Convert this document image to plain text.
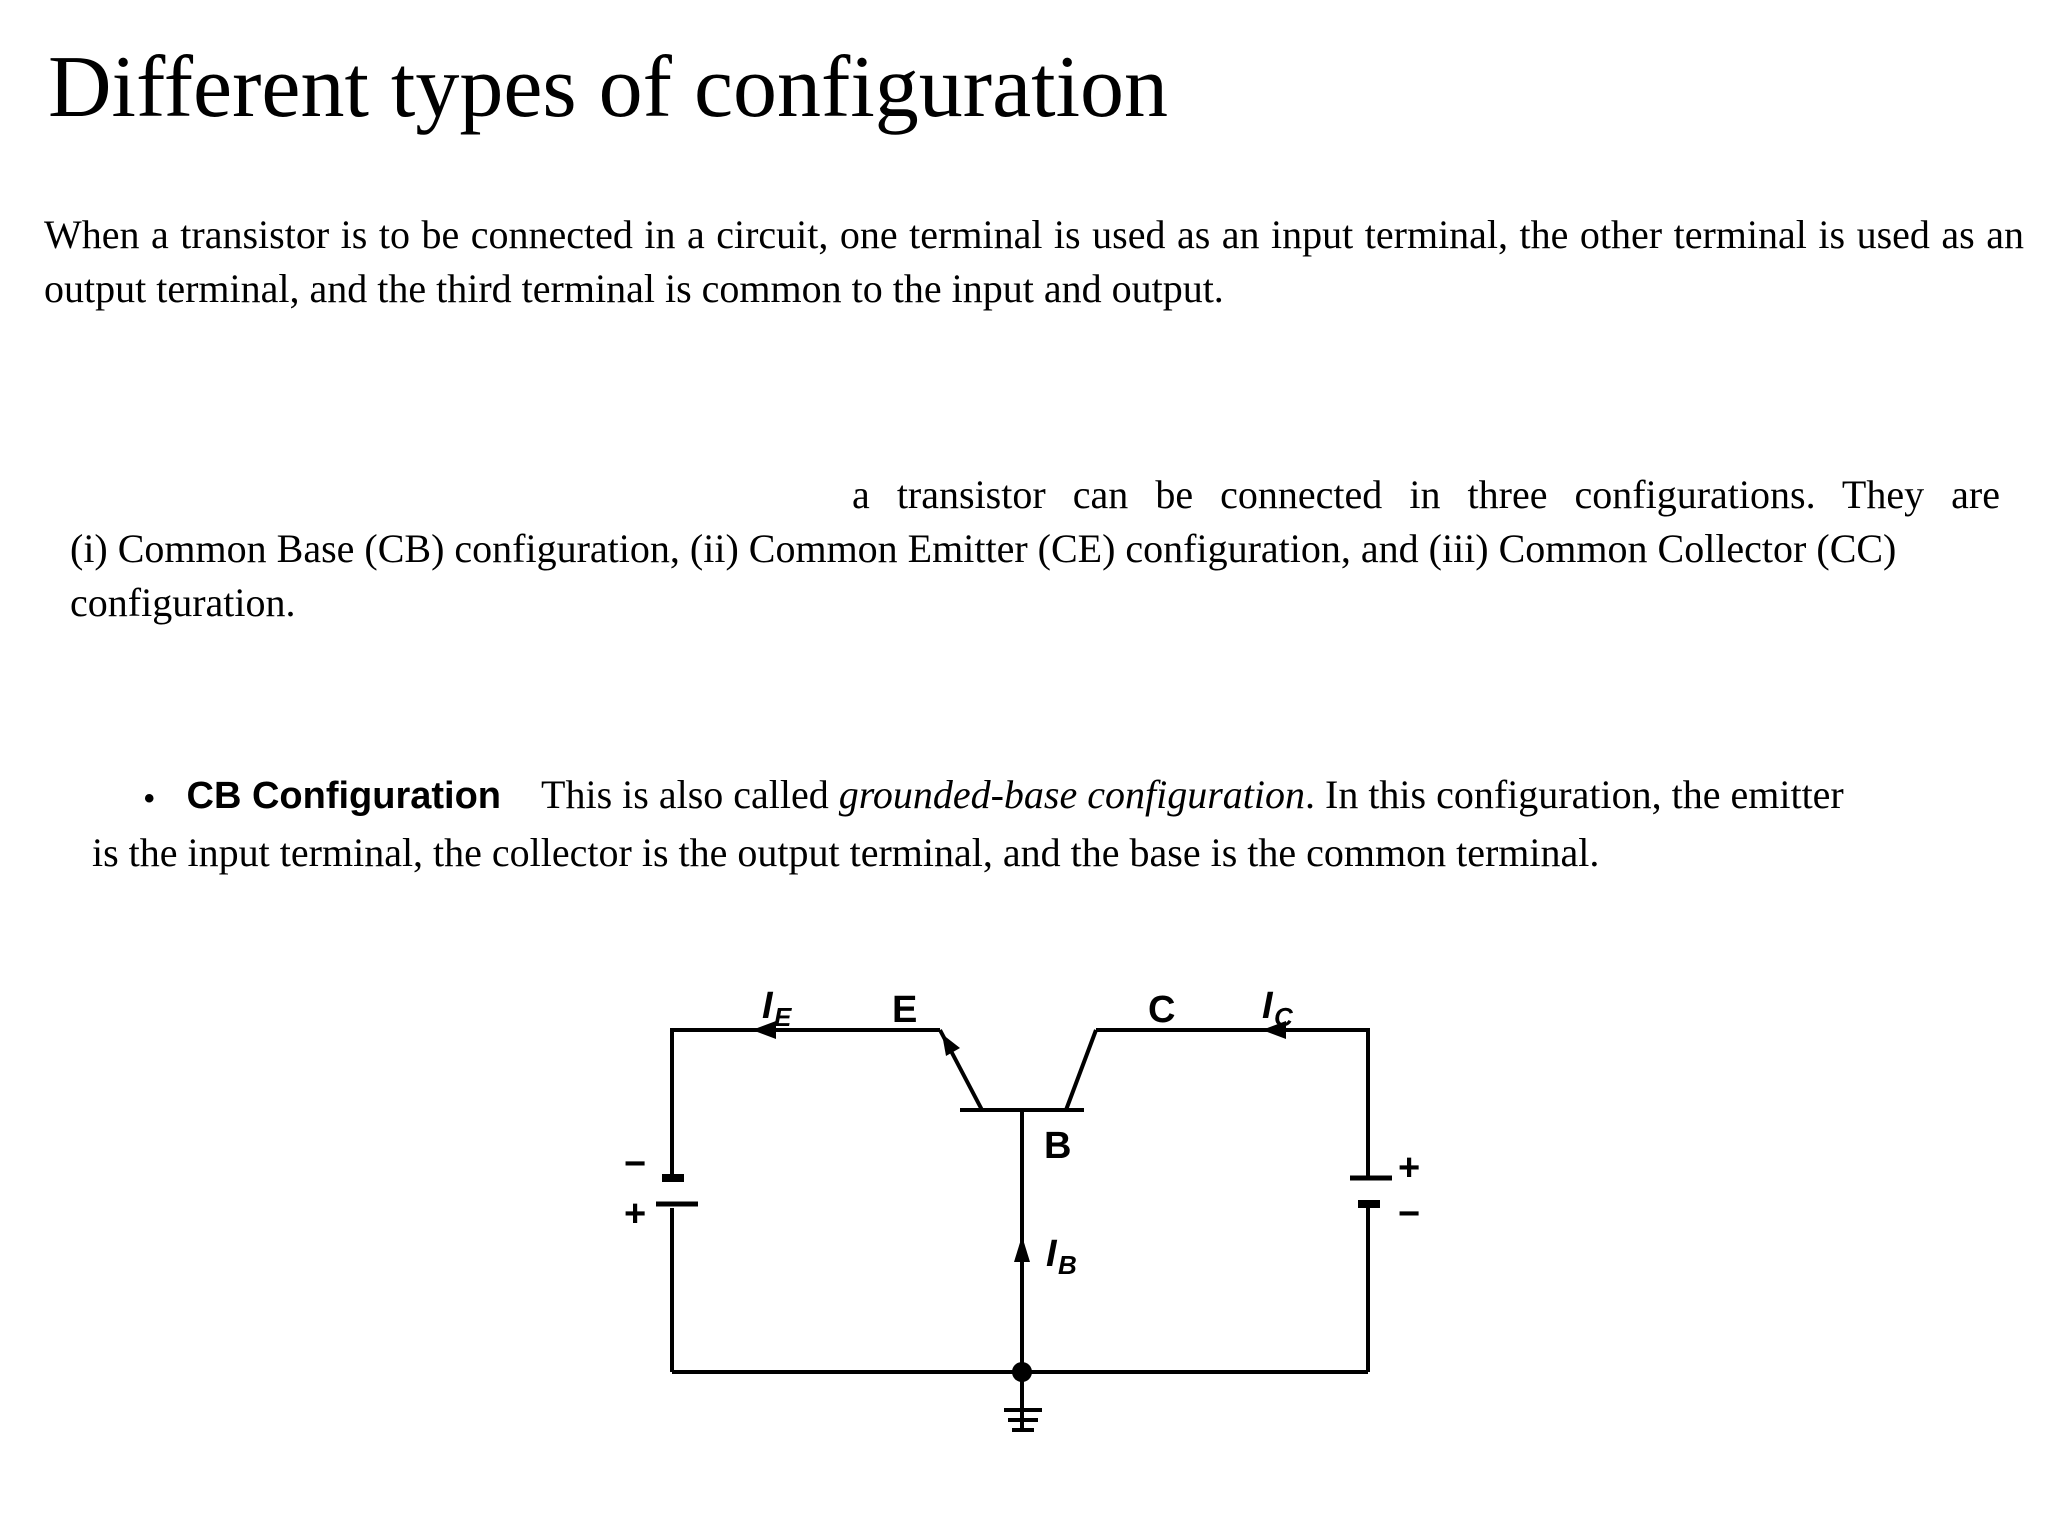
Different types of configuration
When a transistor is to be connected in a circuit, one terminal is used as an input terminal, the other terminal is used as an output terminal, and the third terminal is common to the input and output.
a transistor can be connected in three configurations. They are
(i) Common Base (CB) configuration, (ii) Common Emitter (CE) configuration, and (iii) Common Collector (CC) configuration.
• CB Configuration This is also called
grounded-base configuration . In this configuration, the emitter
is the input terminal, the collector is the output terminal, and the base is the common terminal.
I E	E	C I C
B
I B
−
+
+
−
